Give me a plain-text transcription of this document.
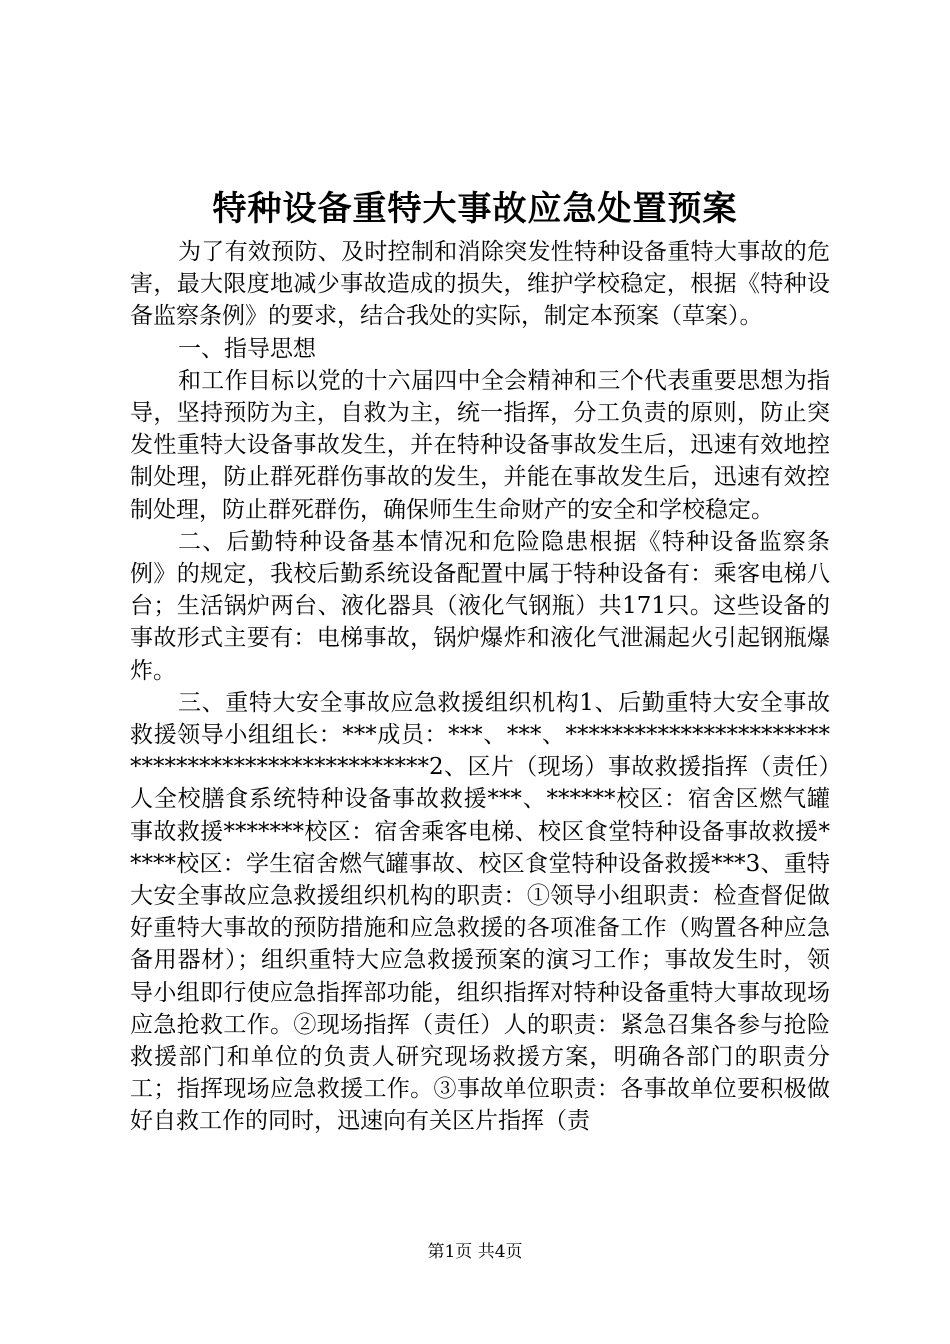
特种设备重特大事故应急处置预案

为了有效预防、及时控制和消除突发性特种设备重特大事故的危害，最大限度地减少事故造成的损失，维护学校稳定，根据《特种设备监察条例》的要求，结合我处的实际，制定本预案（草案）。

一、指导思想

和工作目标以党的十六届四中全会精神和三个代表重要思想为指导，坚持预防为主，自救为主，统一指挥，分工负责的原则，防止突发性重特大设备事故发生，并在特种设备事故发生后，迅速有效地控制处理，防止群死群伤事故的发生，并能在事故发生后，迅速有效控制处理，防止群死群伤，确保师生生命财产的安全和学校稳定。

二、后勤特种设备基本情况和危险隐患根据《特种设备监察条例》的规定，我校后勤系统设备配置中属于特种设备有：乘客电梯八台；生活锅炉两台、液化器具（液化气钢瓶）共171只。这些设备的事故形式主要有：电梯事故，锅炉爆炸和液化气泄漏起火引起钢瓶爆炸。

三、重特大安全事故应急救援组织机构1、后勤重特大安全事故救援领导小组组长：***成员：***、***、*************************************************2、区片（现场）事故救援指挥（责任）人全校膳食系统特种设备事故救援***、******校区：宿舍区燃气罐事故救援*******校区：宿舍乘客电梯、校区食堂特种设备事故救援*****校区：学生宿舍燃气罐事故、校区食堂特种设备救援***3、重特大安全事故应急救援组织机构的职责：①领导小组职责：检查督促做好重特大事故的预防措施和应急救援的各项准备工作（购置各种应急备用器材）；组织重特大应急救援预案的演习工作；事故发生时，领导小组即行使应急指挥部功能，组织指挥对特种设备重特大事故现场应急抢救工作。②现场指挥（责任）人的职责：紧急召集各参与抢险救援部门和单位的负责人研究现场救援方案，明确各部门的职责分工；指挥现场应急救援工作。③事故单位职责：各事故单位要积极做好自救工作的同时，迅速向有关区片指挥（责

第1页 共4页
